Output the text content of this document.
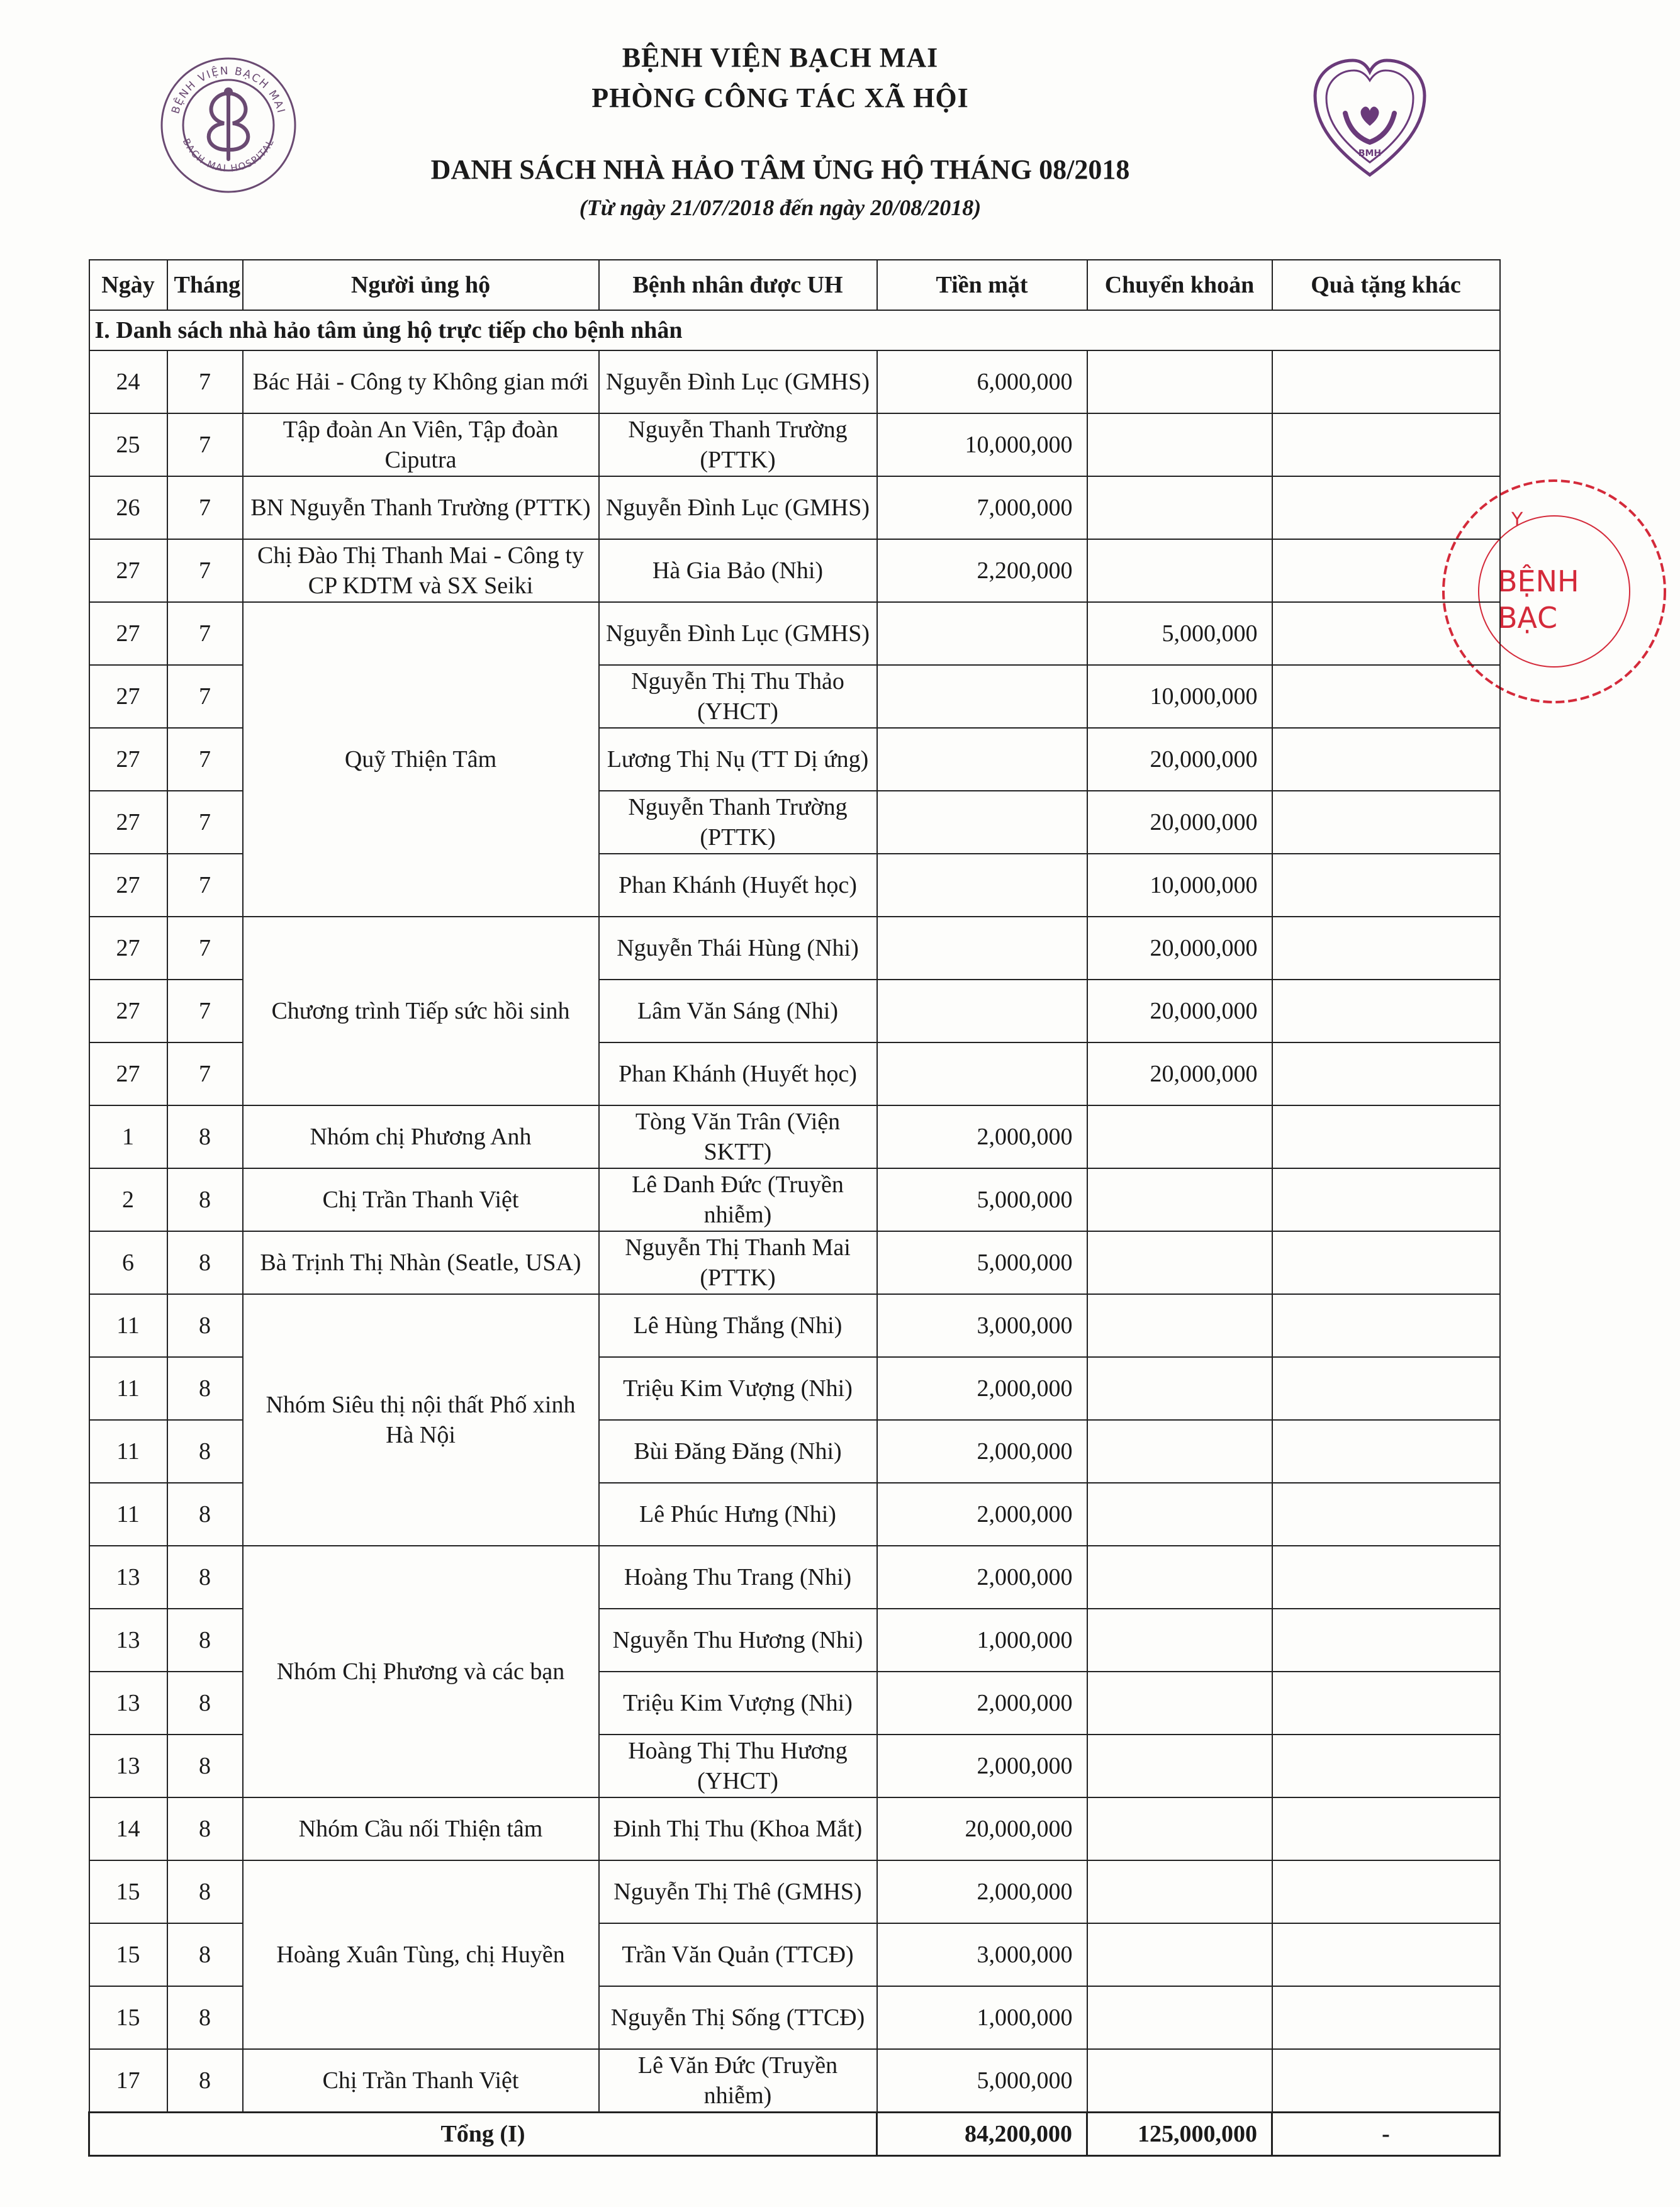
BỆNH VIỆN BẠCH MAI
BACH MAI HOSPITAL
BMH
Y
BỆNH
BẠC
BỆNH VIỆN BẠCH MAI
PHÒNG CÔNG TÁC XÃ HỘI
DANH SÁCH NHÀ HẢO TÂM ỦNG HỘ THÁNG 08/2018
(Từ ngày 21/07/2018 đến ngày 20/08/2018)
Ngày	Tháng	Người ủng hộ	Bệnh nhân được UH	Tiền mặt	Chuyển khoản	Quà tặng khác
I. Danh sách nhà hảo tâm ủng hộ trực tiếp cho bệnh nhân						
24	7	Bác Hải - Công ty Không gian mới	Nguyễn Đình Lục (GMHS)	6,000,000		
25	7	Tập đoàn An Viên, Tập đoàn Ciputra	Nguyễn Thanh Trường (PTTK)	10,000,000		
26	7	BN Nguyễn Thanh Trường (PTTK)	Nguyễn Đình Lục (GMHS)	7,000,000		
27	7	Chị Đào Thị Thanh Mai - Công ty CP KDTM và SX Seiki	Hà Gia Bảo (Nhi)	2,200,000		
27	7	Quỹ Thiện Tâm	Nguyễn Đình Lục (GMHS)		5,000,000	
27	7		Nguyễn Thị Thu Thảo (YHCT)		10,000,000	
27	7		Lương Thị Nụ (TT Dị ứng)		20,000,000	
27	7		Nguyễn Thanh Trường (PTTK)		20,000,000	
27	7		Phan Khánh (Huyết học)		10,000,000	
27	7	Chương trình Tiếp sức hồi sinh	Nguyễn Thái Hùng (Nhi)		20,000,000	
27	7		Lâm Văn Sáng (Nhi)		20,000,000	
27	7		Phan Khánh (Huyết học)		20,000,000	
1	8	Nhóm chị Phương Anh	Tòng Văn Trân (Viện SKTT)	2,000,000		
2	8	Chị Trần Thanh Việt	Lê Danh Đức (Truyền nhiễm)	5,000,000		
6	8	Bà Trịnh Thị Nhàn (Seatle, USA)	Nguyễn Thị Thanh Mai (PTTK)	5,000,000		
11	8	Nhóm Siêu thị nội thất Phố xinh Hà Nội	Lê Hùng Thắng (Nhi)	3,000,000		
11	8		Triệu Kim Vượng (Nhi)	2,000,000		
11	8		Bùi Đăng Đăng (Nhi)	2,000,000		
11	8		Lê Phúc Hưng (Nhi)	2,000,000		
13	8	Nhóm Chị Phương và các bạn	Hoàng Thu Trang (Nhi)	2,000,000		
13	8		Nguyễn Thu Hương (Nhi)	1,000,000		
13	8		Triệu Kim Vượng (Nhi)	2,000,000		
13	8		Hoàng Thị Thu Hương (YHCT)	2,000,000		
14	8	Nhóm Cầu nối Thiện tâm	Đinh Thị Thu (Khoa Mắt)	20,000,000		
15	8	Hoàng Xuân Tùng, chị Huyền	Nguyễn Thị Thê (GMHS)	2,000,000		
15	8		Trần Văn Quản (TTCĐ)	3,000,000		
15	8		Nguyễn Thị Sống (TTCĐ)	1,000,000		
17	8	Chị Trần Thanh Việt	Lê Văn Đức (Truyền nhiễm)	5,000,000		
Tổng (I)				84,200,000	125,000,000	-
